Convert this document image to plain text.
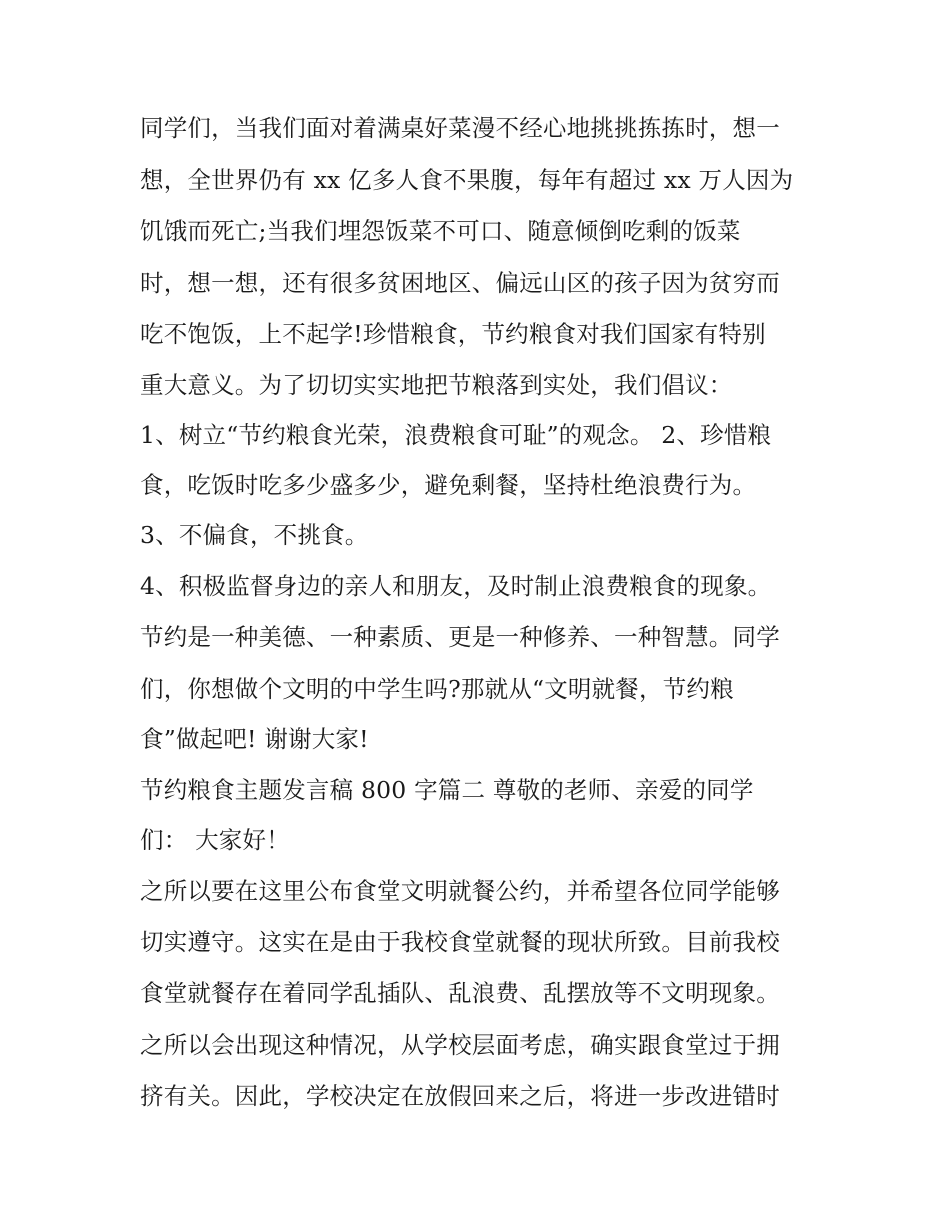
同学们，当我们面对着满桌好菜漫不经心地挑挑拣拣时，想一
想，全世界仍有 xx 亿多人食不果腹，每年有超过 xx 万人因为
饥饿而死亡;当我们埋怨饭菜不可口、随意倾倒吃剩的饭菜
时，想一想，还有很多贫困地区、偏远山区的孩子因为贫穷而
吃不饱饭，上不起学!珍惜粮食，节约粮食对我们国家有特别
重大意义。为了切切实实地把节粮落到实处，我们倡议：
1、树立“节约粮食光荣，浪费粮食可耻”的观念。 2、珍惜粮
食，吃饭时吃多少盛多少，避免剩餐，坚持杜绝浪费行为。
3、不偏食，不挑食。
4、积极监督身边的亲人和朋友，及时制止浪费粮食的现象。
节约是一种美德、一种素质、更是一种修养、一种智慧。同学
们，你想做个文明的中学生吗?那就从“文明就餐，节约粮
食”做起吧! 谢谢大家!
节约粮食主题发言稿 800 字篇二 尊敬的老师、亲爱的同学
们： 大家好！
之所以要在这里公布食堂文明就餐公约，并希望各位同学能够
切实遵守。这实在是由于我校食堂就餐的现状所致。目前我校
食堂就餐存在着同学乱插队、乱浪费、乱摆放等不文明现象。
之所以会出现这种情况，从学校层面考虑，确实跟食堂过于拥
挤有关。因此，学校决定在放假回来之后，将进一步改进错时
